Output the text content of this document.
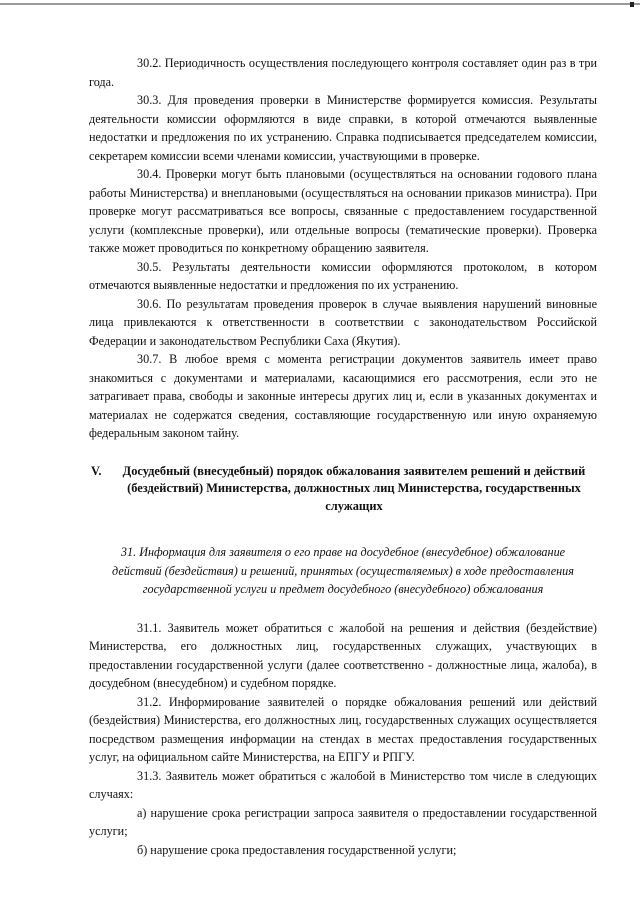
30.2. Периодичность осуществления последующего контроля составляет один раз в три года.

30.3. Для проведения проверки в Министерстве формируется комиссия. Результаты деятельности комиссии оформляются в виде справки, в которой отмечаются выявленные недостатки и предложения по их устранению. Справка подписывается председателем комиссии, секретарем комиссии всеми членами комиссии, участвующими в проверке.

30.4. Проверки могут быть плановыми (осуществляться на основании годового плана работы Министерства) и внеплановыми (осуществляться на основании приказов министра). При проверке могут рассматриваться все вопросы, связанные с предоставлением государственной услуги (комплексные проверки), или отдельные вопросы (тематические проверки). Проверка также может проводиться по конкретному обращению заявителя.

30.5. Результаты деятельности комиссии оформляются протоколом, в котором отмечаются выявленные недостатки и предложения по их устранению.

30.6. По результатам проведения проверок в случае выявления нарушений виновные лица привлекаются к ответственности в соответствии с законодательством Российской Федерации и законодательством Республики Саха (Якутия).

30.7. В любое время с момента регистрации документов заявитель имеет право знакомиться с документами и материалами, касающимися его рассмотрения, если это не затрагивает права, свободы и законные интересы других лиц и, если в указанных документах и материалах не содержатся сведения, составляющие государственную или иную охраняемую федеральным законом тайну.

V.	Досудебный (внесудебный) порядок обжалования заявителем решений и действий (бездействий) Министерства, должностных лиц Министерства, государственных служащих
31. Информация для заявителя о его праве на досудебное (внесудебное) обжалование действий (бездействия) и решений, принятых (осуществляемых) в ходе предоставления государственной услуги и предмет досудебного (внесудебного) обжалования

31.1. Заявитель может обратиться с жалобой на решения и действия (бездействие) Министерства, его должностных лиц, государственных служащих, участвующих в предоставлении государственной услуги (далее соответственно - должностные лица, жалоба), в досудебном (внесудебном) и судебном порядке.

31.2. Информирование заявителей о порядке обжалования решений или действий (бездействия) Министерства, его должностных лиц, государственных служащих осуществляется посредством размещения информации на стендах в местах предоставления государственных услуг, на официальном сайте Министерства, на ЕПГУ и РПГУ.

31.3. Заявитель может обратиться с жалобой в Министерство том числе в следующих случаях:

а) нарушение срока регистрации запроса заявителя о предоставлении государственной услуги;

б) нарушение срока предоставления государственной услуги;
